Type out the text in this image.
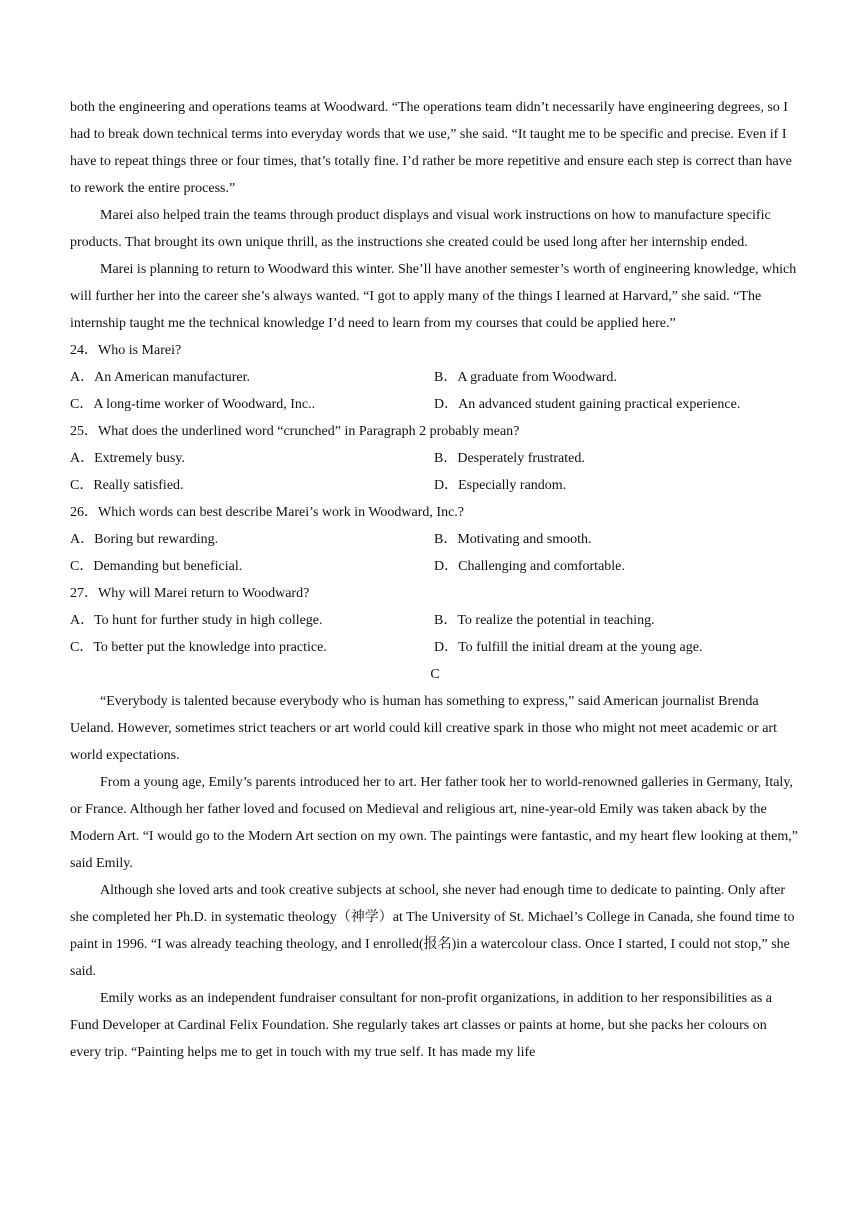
both the engineering and operations teams at Woodward. “The operations team didn’t necessarily have engineering degrees, so I had to break down technical terms into everyday words that we use,” she said. “It taught me to be specific and precise. Even if I have to repeat things three or four times, that’s totally fine. I’d rather be more repetitive and ensure each step is correct than have to rework the entire process.”

Marei also helped train the teams through product displays and visual work instructions on how to manufacture specific products. That brought its own unique thrill, as the instructions she created could be used long after her internship ended.

Marei is planning to return to Woodward this winter. She’ll have another semester’s worth of engineering knowledge, which will further her into the career she’s always wanted. “I got to apply many of the things I learned at Harvard,” she said. “The internship taught me the technical knowledge I’d need to learn from my courses that could be applied here.”

24．Who is Marei?

A．An American manufacturer.	B．A graduate from Woodward.

C．A long-time worker of Woodward, Inc..	D．An advanced student gaining practical experience.

25．What does the underlined word “crunched” in Paragraph 2 probably mean?

A．Extremely busy.	B．Desperately frustrated.

C．Really satisfied.	D．Especially random.

26．Which words can best describe Marei’s work in Woodward, Inc.?

A．Boring but rewarding.	B．Motivating and smooth.

C．Demanding but beneficial.	D．Challenging and comfortable.

27．Why will Marei return to Woodward?

A．To hunt for further study in high college.	B．To realize the potential in teaching.

C．To better put the knowledge into practice.	D．To fulfill the initial dream at the young age.

C

“Everybody is talented because everybody who is human has something to express,” said American journalist Brenda Ueland. However, sometimes strict teachers or art world could kill creative spark in those who might not meet academic or art world expectations.

From a young age, Emily’s parents introduced her to art. Her father took her to world-renowned galleries in Germany, Italy, or France. Although her father loved and focused on Medieval and religious art, nine-year-old Emily was taken aback by the Modern Art. “I would go to the Modern Art section on my own. The paintings were fantastic, and my heart flew looking at them,” said Emily.

Although she loved arts and took creative subjects at school, she never had enough time to dedicate to painting. Only after she completed her Ph.D. in systematic theology（神学）at The University of St. Michael’s College in Canada, she found time to paint in 1996. “I was already teaching theology, and I enrolled(报名)in a watercolour class. Once I started, I could not stop,” she said.

Emily works as an independent fundraiser consultant for non-profit organizations, in addition to her responsibilities as a Fund Developer at Cardinal Felix Foundation. She regularly takes art classes or paints at home, but she packs her colours on every trip. “Painting helps me to get in touch with my true self. It has made my life
